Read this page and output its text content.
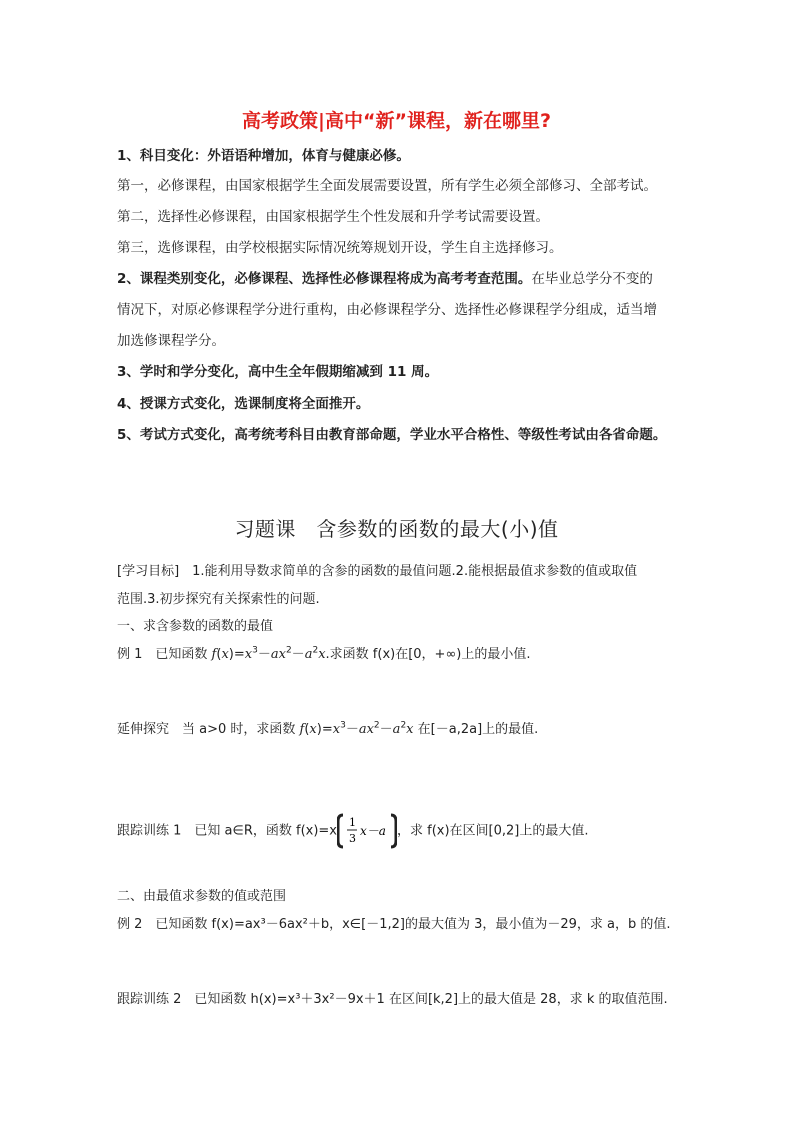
高考政策|高中“新”课程，新在哪里?
1、科目变化：外语语种增加，体育与健康必修。
第一，必修课程，由国家根据学生全面发展需要设置，所有学生必须全部修习、全部考试。
第二，选择性必修课程，由国家根据学生个性发展和升学考试需要设置。
第三，选修课程，由学校根据实际情况统筹规划开设，学生自主选择修习。
2、课程类别变化，必修课程、选择性必修课程将成为高考考查范围。在毕业总学分不变的
情况下，对原必修课程学分进行重构，由必修课程学分、选择性必修课程学分组成，适当增
加选修课程学分。
3、学时和学分变化，高中生全年假期缩减到 11 周。
4、授课方式变化，选课制度将全面推开。
5、考试方式变化，高考统考科目由教育部命题，学业水平合格性、等级性考试由各省命题。
习题课　含参数的函数的最大(小)值
[学习目标]　1.能利用导数求简单的含参的函数的最值问题.2.能根据最值求参数的值或取值
范围.3.初步探究有关探索性的问题.
一、求含参数的函数的最值
例 1　已知函数 $f(x)=x^3-ax^2-a^2x$.求函数 f(x)在[0，+∞)上的最小值.
延伸探究　当 a>0 时，求函数 $f(x)=x^3-ax^2-a^2x$ 在[－a,2a]上的最值.
跟踪训练 1　已知 a∈R，函数 f(x)=x
1
3
x－a ，求 f(x)在区间[0,2]上的最大值.
二、由最值求参数的值或范围
例 2　已知函数 f(x)=ax³－6ax²＋b，x∈[－1,2]的最大值为 3，最小值为－29，求 a，b 的值.
跟踪训练 2　已知函数 h(x)=x³＋3x²－9x＋1 在区间[k,2]上的最大值是 28，求 k 的取值范围.
